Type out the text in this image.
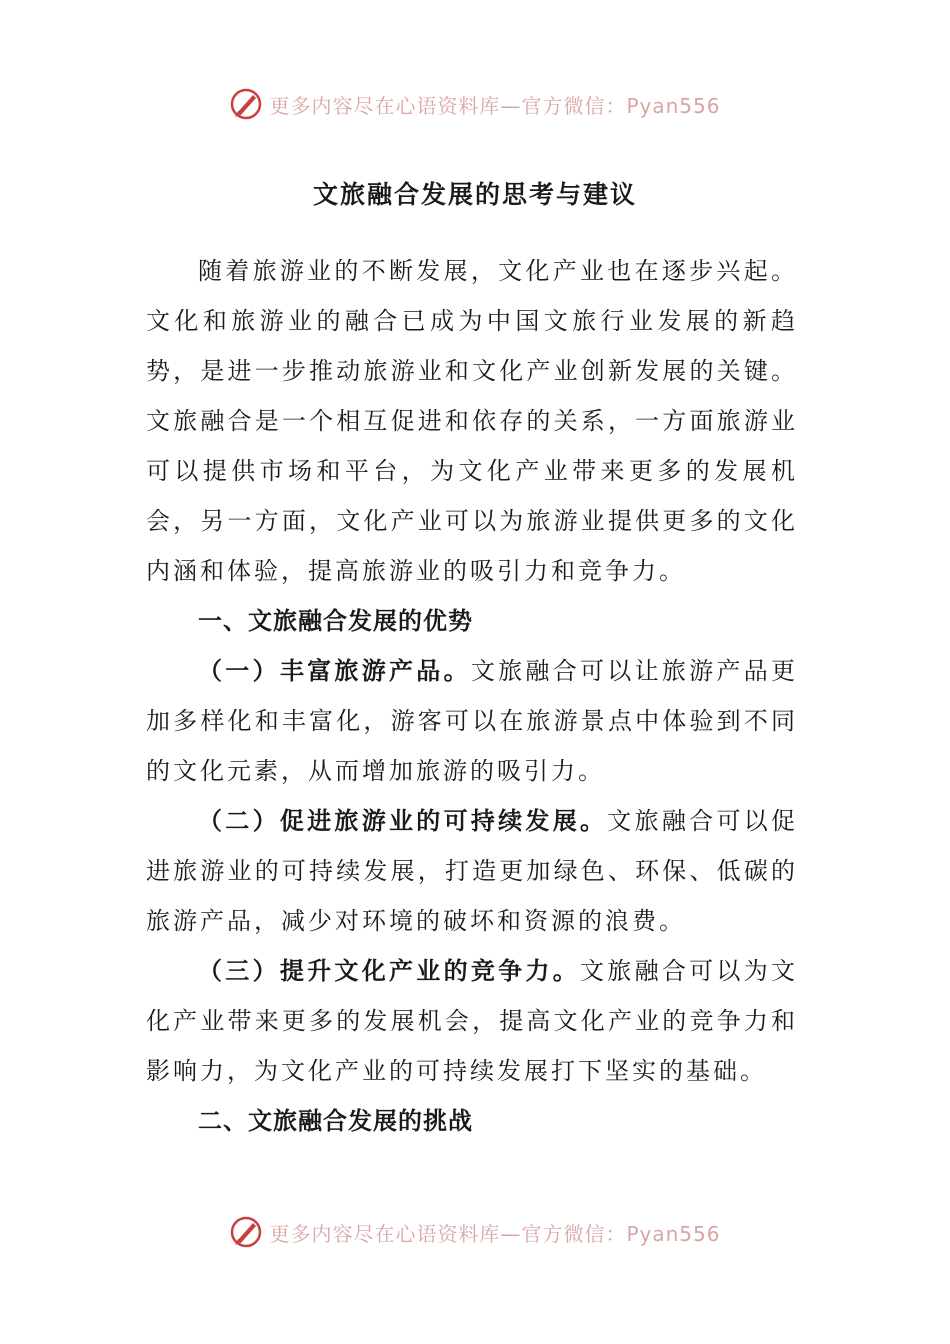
更多内容尽在心语资料库—官方微信：Pyan556
文旅融合发展的思考与建议

随着旅游业的不断发展，文化产业也在逐步兴起。文化和旅游业的融合已成为中国文旅行业发展的新趋势，是进一步推动旅游业和文化产业创新发展的关键。文旅融合是一个相互促进和依存的关系，一方面旅游业可以提供市场和平台，为文化产业带来更多的发展机会，另一方面，文化产业可以为旅游业提供更多的文化内涵和体验，提高旅游业的吸引力和竞争力。

一、文旅融合发展的优势

（一）丰富旅游产品。文旅融合可以让旅游产品更加多样化和丰富化，游客可以在旅游景点中体验到不同的文化元素，从而增加旅游的吸引力。

（二）促进旅游业的可持续发展。文旅融合可以促进旅游业的可持续发展，打造更加绿色、环保、低碳的旅游产品，减少对环境的破坏和资源的浪费。

（三）提升文化产业的竞争力。文旅融合可以为文化产业带来更多的发展机会，提高文化产业的竞争力和影响力，为文化产业的可持续发展打下坚实的基础。

二、文旅融合发展的挑战

更多内容尽在心语资料库—官方微信：Pyan556
